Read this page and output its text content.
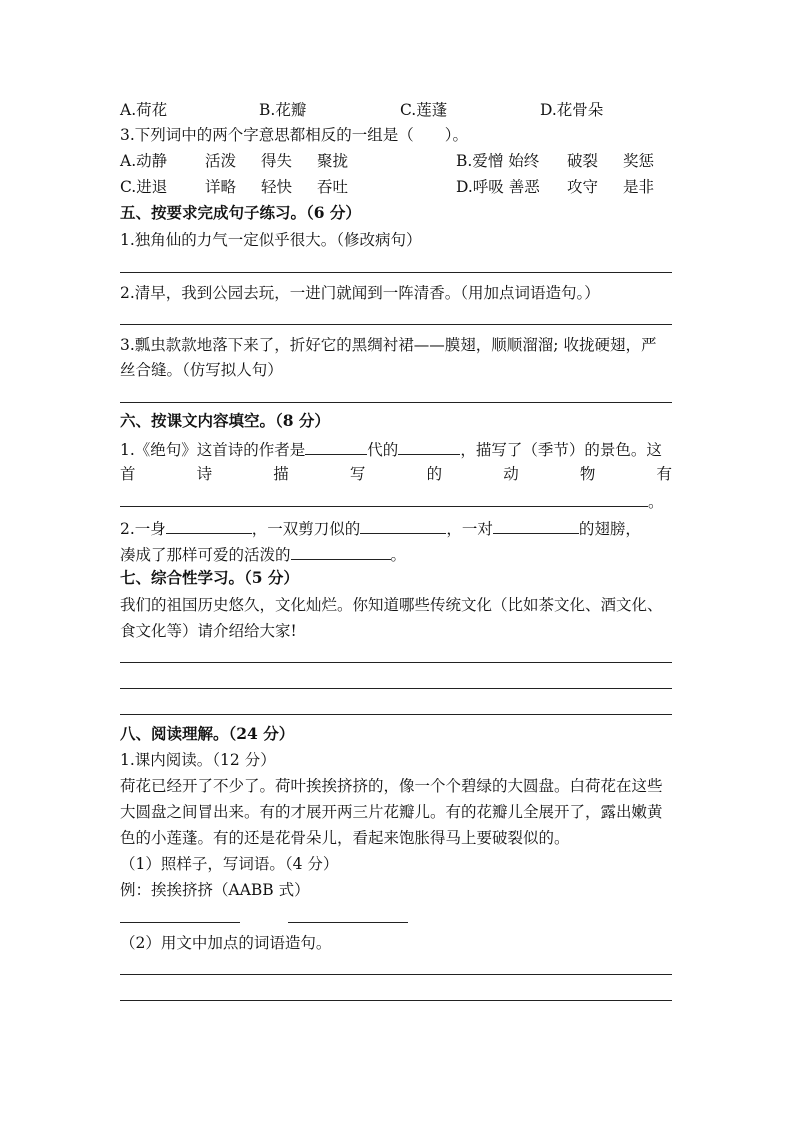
A.荷花	B.花瓣	C.莲蓬	D.花骨朵
3.下列词中的两个字意思都相反的一组是（　　）。
A.动静 活泼 得失 聚拢	B.爱憎 始终 破裂 奖惩
C.进退 详略 轻快 吞吐	D.呼吸 善恶 攻守 是非
五、按要求完成句子练习。（6 分）
1.独角仙的力气一定似乎很大。（修改病句）
2.清早，我到公园去玩，一进门就闻到一阵清香。（用加点词语造句。）
3.瓢虫款款地落下来了，折好它的黑绸衬裙——膜翅，顺顺溜溜; 收拢硬翅，严
丝合缝。（仿写拟人句）
六、按课文内容填空。（8 分）
1.《绝句》这首诗的作者是	代的	，描写了（季节）的景色。这
首	诗	描	写	的	动	物	有
。
2.一身	，一双剪刀似的	，一对	的翅膀，
凑成了那样可爱的活泼的	。
七、综合性学习。（5 分）
我们的祖国历史悠久，文化灿烂。你知道哪些传统文化（比如茶文化、酒文化、
食文化等）请介绍给大家!
八、阅读理解。（24 分）
1.课内阅读。（12 分）
荷花已经开了不少了。荷叶挨挨挤挤的，像一个个碧绿的大圆盘。白荷花在这些
大圆盘之间冒出来。有的才展开两三片花瓣儿。有的花瓣儿全展开了，露出嫩黄
色的小莲蓬。有的还是花骨朵儿，看起来饱胀得马上要破裂似的。
（1）照样子，写词语。（4 分）
例：挨挨挤挤（AABB 式）
（2）用文中加点的词语造句。
